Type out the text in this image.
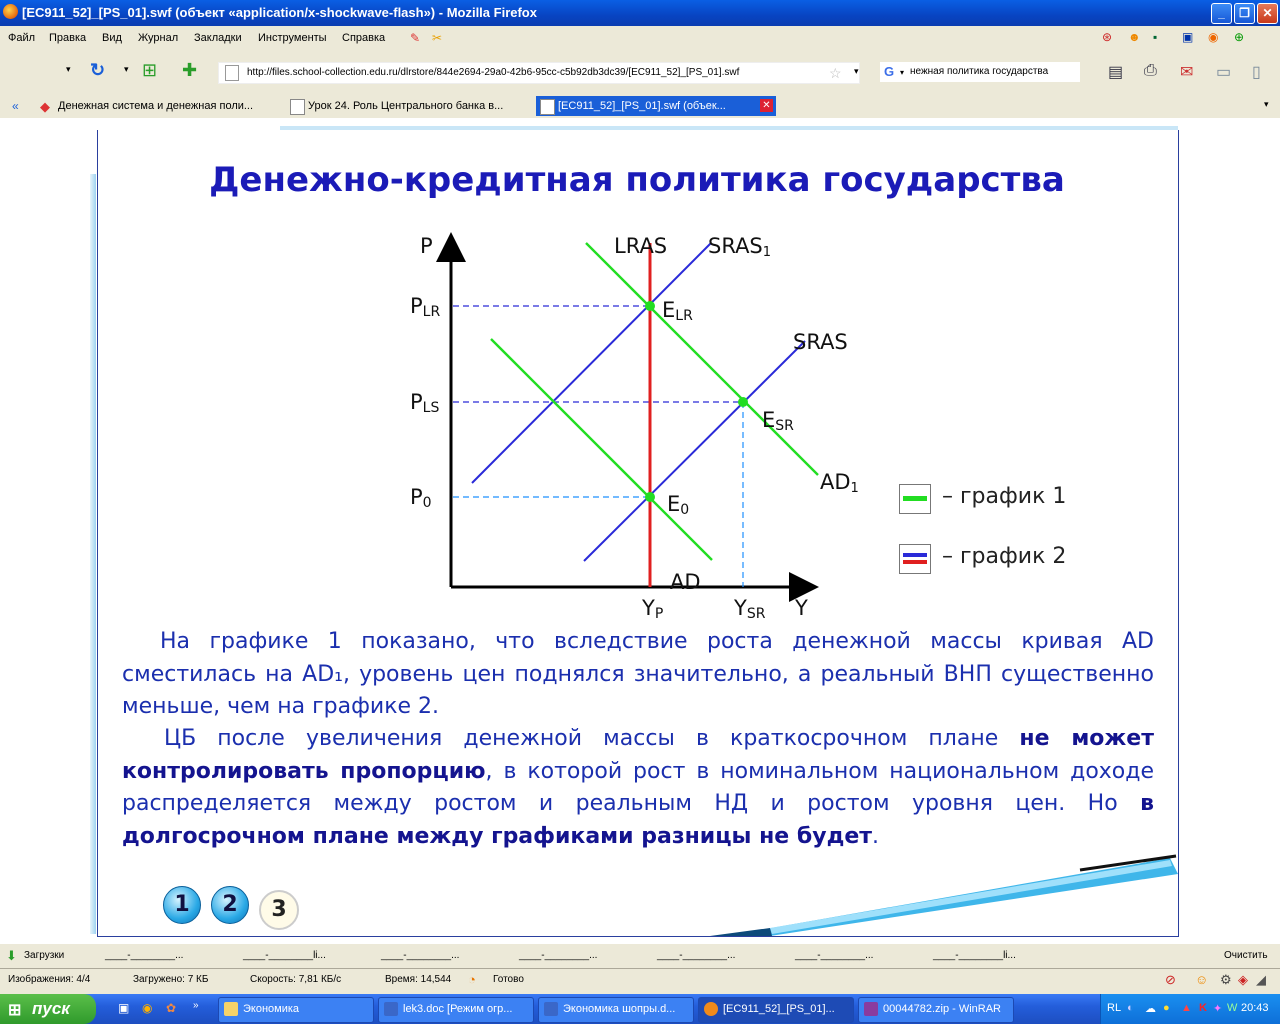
[EC911_52]_[PS_01].swf (объект «application/x-shockwave-flash») - Mozilla Firefox	_	❐	✕
Файл Правка Вид Журнал Закладки Инструменты Справка ✎ ✂	⊛	☻ ▪	▣	◉	⊕
▾	↻ ▾ ⊞ ✚	http://files.school-collection.edu.ru/dlrstore/844e2694-29a0-42b6-95cc-c5b92db3dc39/[EC911_52]_[PS_01].swf	☆ ▾	G ▾ нежная политика государства	▤ ⎙ ✉ ▭ ▯
«	◆ Денежная система и денежная поли...	Урок 24. Роль Центрального банка в...	[EC911_52]_[PS_01].swf (объек...	✕	▾
Денежно-кредитная политика государства
P
Y
LRAS SRAS1
SRAS
AD1
AD
ELR
ESR
E0
PLR
PLS
P0
YP	YSR
– график 1
– график 2
На графике 1 показано, что вследствие роста денежной массы кривая AD сместилась на AD₁, уровень цен поднялся значительно, а реальный ВНП существенно меньше, чем на графике 2.
ЦБ после увеличения денежной массы в краткосрочном плане не может контролировать пропорцию, в которой рост в номинальном национальном доходе распределяется между ростом и реальным НД и ростом уровня цен. Но в долгосрочном плане между графиками разницы не будет.
1	2	3
⬇ Загрузки	____-________...	____-________li...	____-________...	____-________...	____-________...	____-________...	____-________li...	Очистить
Изображения: 4/4	Загружено: 7 КБ	Скорость: 7,81 КБ/с	Время: 14,544 ◔	Готово	⊘	☺ ⚙ ◈ ◢
⊞ пуск	▣	◉	✿	»	Экономика	lek3.doc [Режим огр...	Экономика шопры.d...	[EC911_52]_[PS_01]...	00044782.zip - WinRAR	RL ◐ ☁ ● ▲ K ✦ W 20:43
